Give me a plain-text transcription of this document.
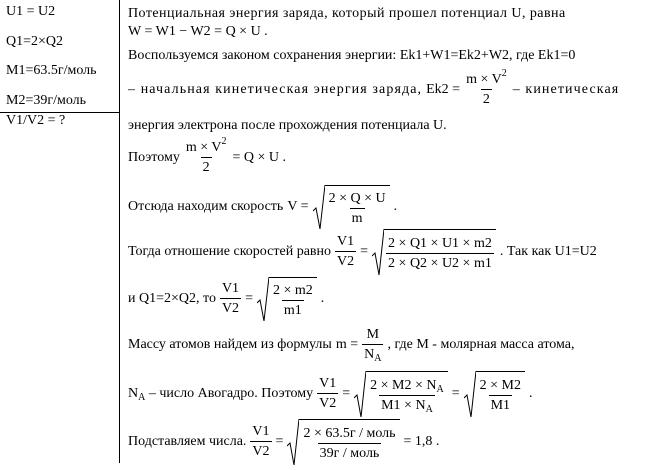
U1 = U2
Q1=2×Q2
M1=63.5г/моль
M2=39г/моль
V1/V2 = ?
Потенциальная энергия заряда, который прошел потенциал U, равна
W = W1 − W2 = Q × U .
Воспользуемся законом сохранения энергии: Ek1+W1=Ek2+W2, где Ek1=0
– начальная кинетическая энергия заряда, $Ek2 = \frac{m \times V^2}{2}$ – кинетическая
энергия электрона после прохождения потенциала U.
Поэтому $\frac{m \times V^2}{2} = Q \times U$ .
Отсюда находим скорость $V = \frac{2 \times Q \times U}{m}$ .
Тогда отношение скоростей равно $\frac{V1}{V2} = \frac{2 \times Q1 \times U1 \times m2}{2 \times Q2 \times U2 \times m1}$ . Так как U1=U2
и Q1=2×Q2, то $\frac{V1}{V2} = \frac{2 \times m2}{m1}$ .
Массу атомов найдем из формулы $m = \frac{M}{N_A}$ , где М - молярная масса атома,
$N_A$ – число Авогадро. Поэтому $\frac{V1}{V2} = \frac{2 \times M2 \times N_A}{M1 \times N_A} = \frac{2 \times M2}{M1}$ .
Подставляем числа. $\frac{V1}{V2} = \frac{\text{2 × 63.5г / моль}}{\text{39г / моль}} = 1,8$ .
